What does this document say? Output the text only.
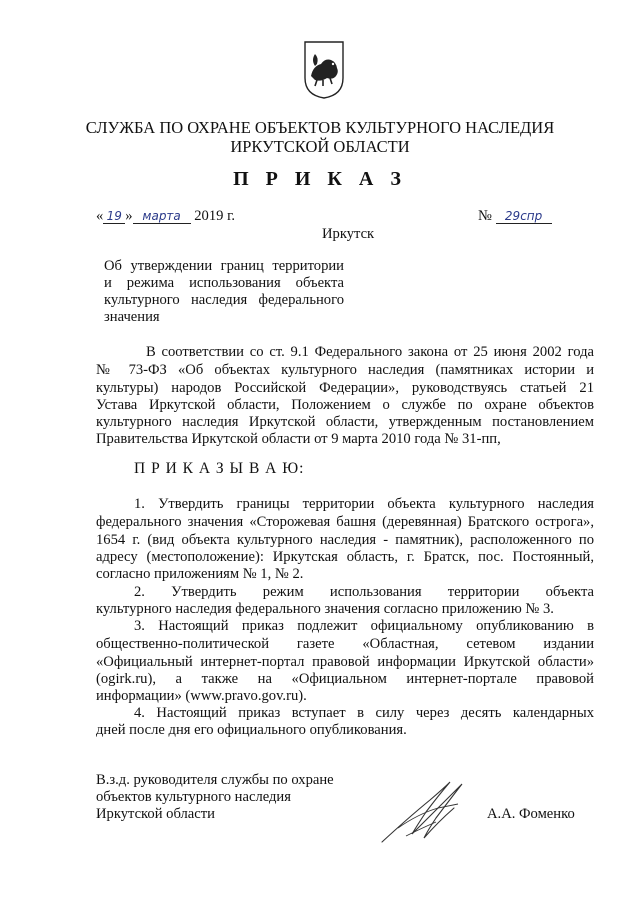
СЛУЖБА ПО ОХРАНЕ ОБЪЕКТОВ КУЛЬТУРНОГО НАСЛЕДИЯ
ИРКУТСКОЙ ОБЛАСТИ
П Р И К А З
« 19 » марта 2019 г.	№ 29спр
Иркутск
Об утверждении границ территории
и режима использования объекта
культурного наследия федерального
значения
В соответствии со ст. 9.1 Федерального закона от 25 июня 2002 года
№ 73-ФЗ «Об объектах культурного наследия (памятниках истории и
культуры) народов Российской Федерации», руководствуясь статьей 21
Устава Иркутской области, Положением о службе по охране объектов
культурного наследия Иркутской области, утвержденным постановлением
Правительства Иркутской области от 9 марта 2010 года № 31-пп,
П Р И К А З Ы В А Ю:
1. Утвердить границы территории объекта культурного наследия
федерального значения «Сторожевая башня (деревянная) Братского острога»,
1654 г. (вид объекта культурного наследия - памятник), расположенного по
адресу (местоположение): Иркутская область, г. Братск, пос. Постоянный,
согласно приложениям № 1, № 2.
2. Утвердить режим использования территории объекта
культурного наследия федерального значения согласно приложению № 3.
3. Настоящий приказ подлежит официальному опубликованию в
общественно-политической газете «Областная, сетевом издании
«Официальный интернет-портал правовой информации Иркутской области»
(ogirk.ru), а также на «Официальном интернет-портале правовой
информации» (www.pravo.gov.ru).
4. Настоящий приказ вступает в силу через десять календарных
дней после дня его официального опубликования.
В.з.д. руководителя службы по охране
объектов культурного наследия
Иркутской области	А.А. Фоменко
